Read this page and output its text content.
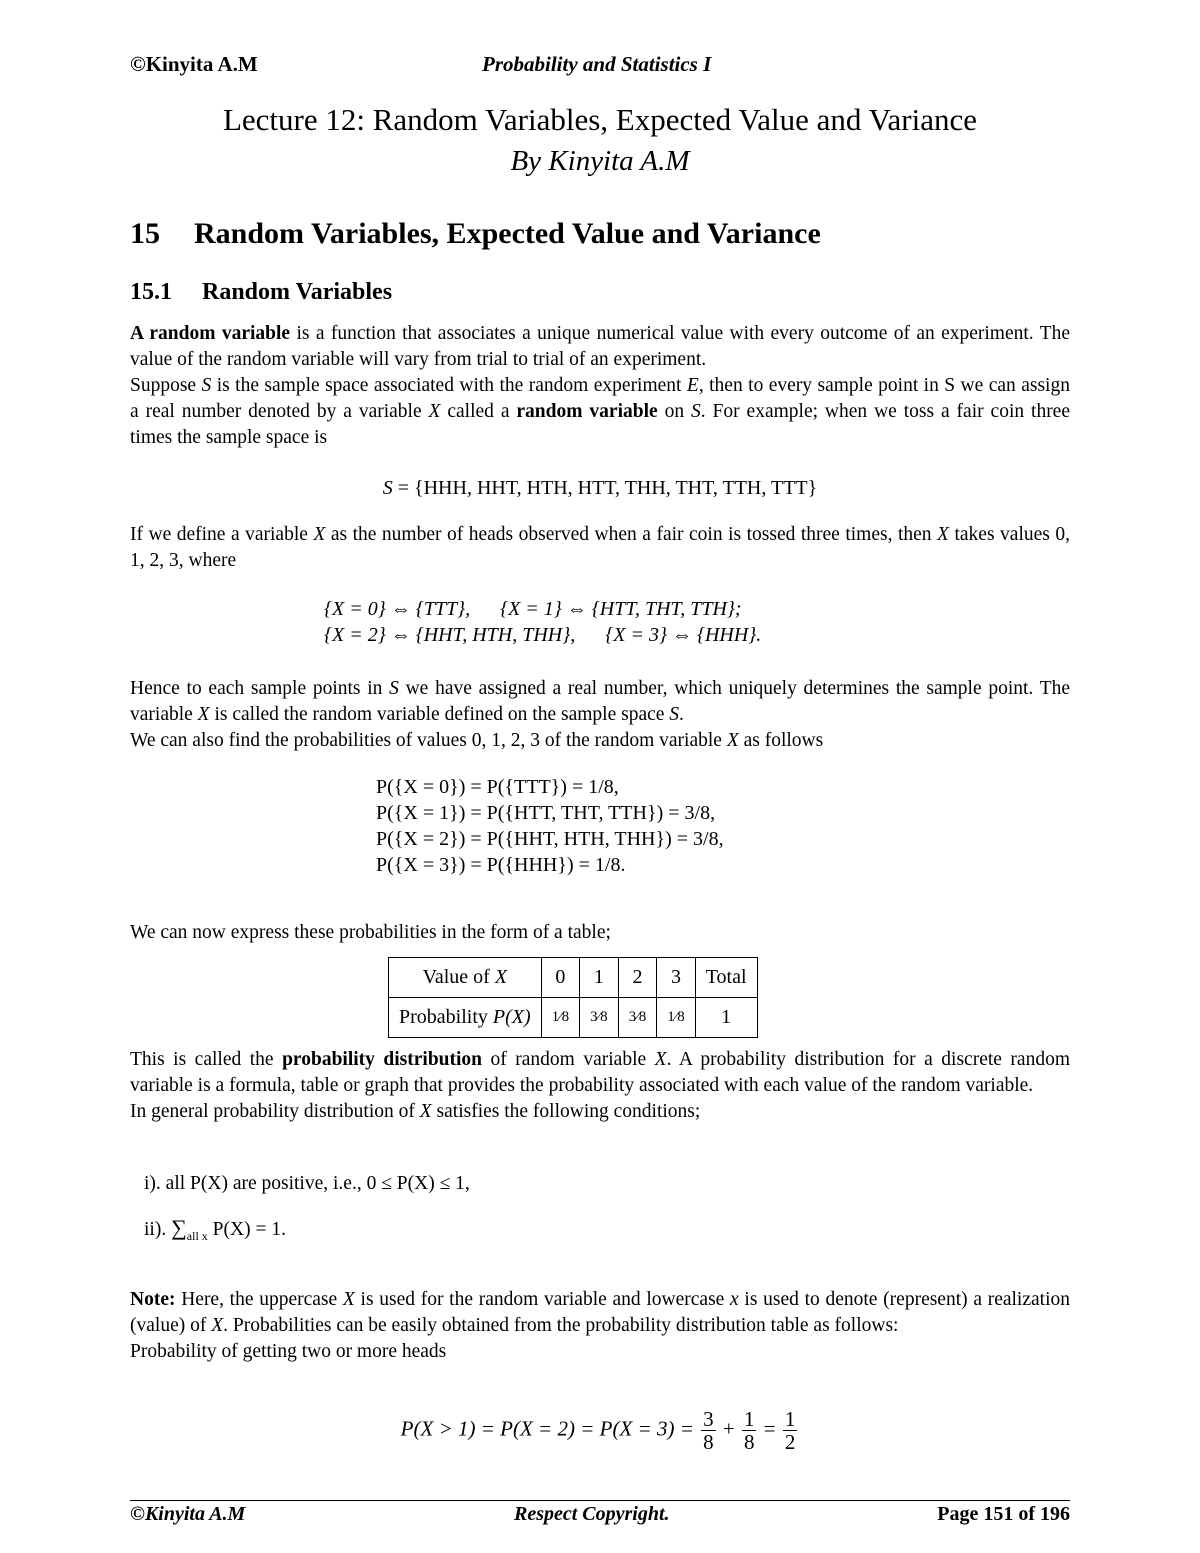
©Kinyita A.M	Probability and Statistics I
Lecture 12: Random Variables, Expected Value and Variance
By Kinyita A.M
15 Random Variables, Expected Value and Variance
15.1 Random Variables

A random variable is a function that associates a unique numerical value with every outcome of an experiment. The value of the random variable will vary from trial to trial of an experiment.

Suppose S is the sample space associated with the random experiment E, then to every sample point in S we can assign a real number denoted by a variable X called a random variable on S. For example; when we toss a fair coin three times the sample space is

S = {HHH, HHT, HTH, HTT, THH, THT, TTH, TTT}

If we define a variable X as the number of heads observed when a fair coin is tossed three times, then X takes values 0, 1, 2, 3, where

{X = 0} ⇔ {TTT}, {X = 1} ⇔ {HTT, THT, TTH};
{X = 2} ⇔ {HHT, HTH, THH}, {X = 3} ⇔ {HHH}.

Hence to each sample points in S we have assigned a real number, which uniquely determines the sample point. The variable X is called the random variable defined on the sample space S.

We can also find the probabilities of values 0, 1, 2, 3 of the random variable X as follows

P({X = 0}) = P({TTT}) = 1/8,
P({X = 1}) = P({HTT, THT, TTH}) = 3/8,
P({X = 2}) = P({HHT, HTH, THH}) = 3/8,
P({X = 3}) = P({HHH}) = 1/8.
We can now express these probabilities in the form of a table;
Value of X	0	1	2	3	Total
Probability P(X)	1⁄8	3⁄8	3⁄8	1⁄8	1

This is called the probability distribution of random variable X. A probability distribution for a discrete random variable is a formula, table or graph that provides the probability associated with each value of the random variable.

In general probability distribution of X satisfies the following conditions;

i). all P(X) are positive, i.e., 0 ≤ P(X) ≤ 1,
ii). $\sum_{all x}$ P(X) = 1.

Note: Here, the uppercase X is used for the random variable and lowercase x is used to denote (represent) a realization (value) of X. Probabilities can be easily obtained from the probability distribution table as follows:

Probability of getting two or more heads

$P(X > 1) = P(X = 2) = P(X = 3) = \frac{3}{8} + \frac{1}{8} = \frac{1}{2}$
©Kinyita A.M	Respect Copyright.	Page 151 of 196
